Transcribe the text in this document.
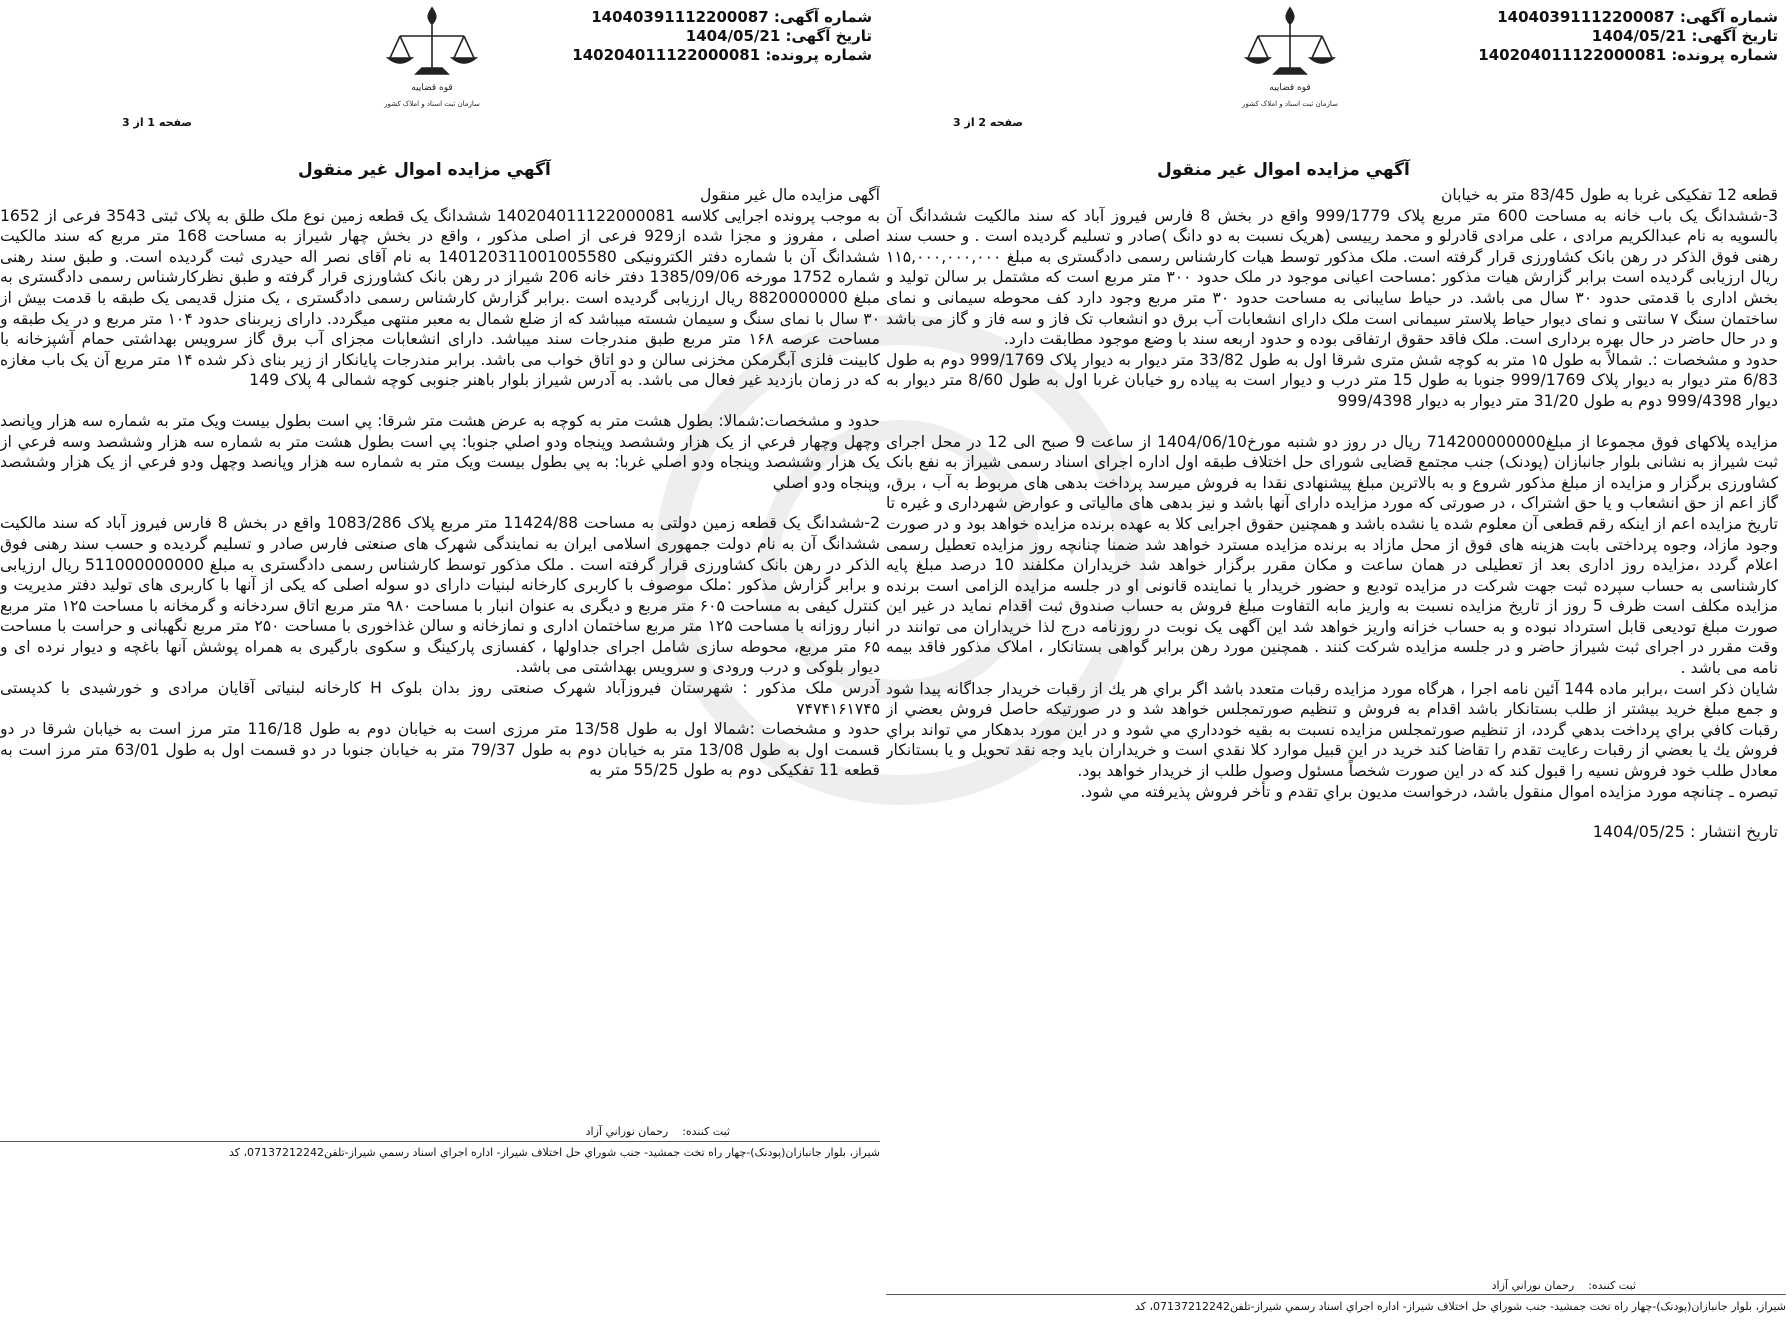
شماره آگهی: 14040391112200087
تاریخ آگهی: 1404/05/21
شماره پرونده: 140204011122000081
صفحه 1 از 3
آگهي مزايده اموال غير منقول

آگهی مزایده مال غیر منقول

به موجب پرونده اجرایی کلاسه 140204011122000081 ششدانگ یک قطعه زمین نوع ملک طلق به پلاک ثبتی 3543 فرعی از 1652 اصلی ، مفروز و مجزا شده از929 فرعی از اصلی مذکور ، واقع در بخش چهار شیراز به مساحت 168 متر مربع که سند مالکیت ششدانگ آن با شماره دفتر الکترونیکی 140120311001005580 به نام آقای نصر اله حیدری ثبت گردیده است. و طبق سند رهنی شماره 1752 مورخه 1385/09/06 دفتر خانه 206 شیراز در رهن بانک کشاورزی قرار گرفته و طبق نظرکارشناس رسمی دادگستری به مبلغ 8820000000 ریال ارزیابی گردیده است .برابر گزارش کارشناس رسمی دادگستری ، یک منزل قدیمی یک طبقه با قدمت بیش از ۳۰ سال با نمای سنگ و سیمان شسته میباشد که از ضلع شمال به معبر منتهی میگردد. دارای زیربنای حدود ۱۰۴ متر مربع و در یک طبقه و مساحت عرصه ۱۶۸ متر مربع طبق مندرجات سند میباشد. دارای انشعابات مجزای آب برق گاز سرویس بهداشتی حمام آشپزخانه با کابینت فلزی آبگرمکن مخزنی سالن و دو اتاق خواب می باشد. برابر مندرجات پایانکار از زیر بنای ذکر شده ۱۴ متر مربع آن یک باب مغازه که در زمان بازدید غیر فعال می باشد. به آدرس شیراز بلوار باهنر جنوبی کوچه شمالی 4 پلاک 149

حدود و مشخصات:شمالا: بطول هشت متر به کوچه به عرض هشت متر شرقا: پي است بطول بيست ويک متر به شماره سه هزار وپانصد وچهل وچهار فرعي از يک هزار وششصد وپنجاه ودو اصلي جنوبا: پي است بطول هشت متر به شماره سه هزار وششصد وسه فرعي از يک هزار وششصد وپنجاه ودو اصلي غربا: به پي بطول بيست ويک متر به شماره سه هزار وپانصد وچهل ودو فرعي از يک هزار وششصد وپنجاه ودو اصلي

2-ششدانگ یک قطعه زمین دولتی به مساحت 11424/88 متر مربع پلاک 1083/286 واقع در بخش 8 فارس فیروز آباد که سند مالکیت ششدانگ آن به نام دولت جمهوری اسلامی ایران به نمایندگی شهرک های صنعتی فارس صادر و تسلیم گردیده و حسب سند رهنی فوق الذکر در رهن بانک کشاورزی قرار گرفته است . ملک مذکور توسط کارشناس رسمی دادگستری به مبلغ 511000000000 ریال ارزیابی و برابر گزارش مذکور :ملک موصوف با کاربری کارخانه لبنیات دارای دو سوله اصلی که یکی از آنها با کاربری های تولید دفتر مدیریت و کنترل کیفی به مساحت ۶۰۵ متر مربع و دیگری به عنوان انبار با مساحت ۹۸۰ متر مربع اتاق سردخانه و گرمخانه با مساحت ۱۲۵ متر مربع انبار روزانه با مساحت ۱۲۵ متر مربع ساختمان اداری و نمازخانه و سالن غذاخوری با مساحت ۲۵۰ متر مربع نگهبانی و حراست با مساحت ۶۵ متر مربع، محوطه سازی شامل اجرای جداولها ، کفسازی پارکینگ و سکوی بارگیری به همراه پوشش آنها باغچه و دیوار نرده ای و دیوار بلوکی و درب ورودی و سرویس بهداشتی می باشد.

آدرس ملک مذکور : شهرستان فیروزآباد شهرک صنعتی روز بدان بلوک H کارخانه لبنیاتی آقایان مرادی و خورشیدی با کدپستی ۷۴۷۴۱۶۱۷۴۵

حدود و مشخصات :شمالا اول به طول 13/58 متر مرزی است به خیابان دوم به طول 116/18 متر مرز است به خیابان شرقا در دو قسمت اول به طول 13/08 متر به خیابان دوم به طول 79/37 متر به خیابان جنوبا در دو قسمت اول به طول 63/01 متر مرز است به قطعه 11 تفکیکی دوم به طول 55/25 متر به

ثبت کننده:    رحمان نوراني آزاد
شيراز، بلوار جانبازان(پودنک)-چهار راه تخت جمشيد- جنب شوراي حل اختلاف شيراز- اداره اجراي اسناد رسمي شيراز-تلفن07137212242، کد
شماره آگهی: 14040391112200087
تاریخ آگهی: 1404/05/21
شماره پرونده: 140204011122000081
صفحه 2 از 3
آگهي مزايده اموال غير منقول

قطعه 12 تفکیکی غربا به طول 83/45 متر به خیابان

3-ششدانگ یک باب خانه به مساحت 600 متر مربع پلاک 999/1779 واقع در بخش 8 فارس فیروز آباد که سند مالکیت ششدانگ آن بالسویه به نام عبدالکریم مرادی ، علی مرادی قادرلو و محمد رییسی (هریک نسبت به دو دانگ )صادر و تسلیم گردیده است . و حسب سند رهنی فوق الذکر در رهن بانک کشاورزی قرار گرفته است. ملک مذکور توسط هیات کارشناس رسمی دادگستری به مبلغ ۱۱۵,۰۰۰,۰۰۰,۰۰۰ ریال ارزیابی گردیده است برابر گزارش هیات مذکور :مساحت اعیانی موجود در ملک حدود ۳۰۰ متر مربع است که مشتمل بر سالن تولید و بخش اداری با قدمتی حدود ۳۰ سال می باشد. در حیاط سایبانی به مساحت حدود ۳۰ متر مربع وجود دارد کف محوطه سیمانی و نمای ساختمان سنگ ۷ سانتی و نمای دیوار حیاط پلاستر سیمانی است ملک دارای انشعابات آب برق دو انشعاب تک فاز و سه فاز و گاز می باشد و در حال حاضر در حال بهره برداری است. ملک فاقد حقوق ارتفاقی بوده و حدود اربعه سند با وضع موجود مطابقت دارد.

حدود و مشخصات :. شمالاً به طول ۱۵ متر به کوچه شش متری شرقا اول به طول 33/82 متر دیوار به دیوار پلاک 999/1769 دوم به طول 6/83 متر دیوار به دیوار پلاک 999/1769 جنوبا به طول 15 متر درب و دیوار است به پیاده رو خیابان غربا اول به طول 8/60 متر دیوار به دیوار 999/4398 دوم به طول 31/20 متر دیوار به دیوار 999/4398

مزایده پلاکهای فوق مجموعا از مبلغ714200000000 ریال در روز دو شنبه مورخ1404/06/10 از ساعت 9 صبح الی 12 در محل اجرای ثبت شیراز به نشانی بلوار جانبازان (پودنک) جنب مجتمع قضایی شورای حل اختلاف طبقه اول اداره اجرای اسناد رسمی شیراز به نفع بانک کشاورزی برگزار و مزایده از مبلغ مذکور شروع و به بالاترین مبلغ پیشنهادی نقدا به فروش میرسد پرداخت بدهی های مربوط به آب ، برق، گاز اعم از حق انشعاب و یا حق اشتراک ، در صورتی که مورد مزایده دارای آنها باشد و نیز بدهی های مالیاتی و عوارض شهرداری و غیره تا تاریخ مزایده اعم از اینکه رقم قطعی آن معلوم شده یا نشده باشد و همچنین حقوق اجرایی کلا به عهده برنده مزایده خواهد بود و در صورت وجود مازاد، وجوه پرداختی بابت هزینه های فوق از محل مازاد به برنده مزایده مسترد خواهد شد ضمنا چنانچه روز مزایده تعطیل رسمی اعلام گردد ،مزایده روز اداری بعد از تعطیلی در همان ساعت و مکان مقرر برگزار خواهد شد خریداران مکلفند 10 درصد مبلغ پایه کارشناسی به حساب سپرده ثبت جهت شرکت در مزایده تودیع و حضور خریدار یا نماینده قانونی او در جلسه مزایده الزامی است برنده مزایده مکلف است ظرف 5 روز از تاریخ مزایده نسبت به واریز مابه التفاوت مبلغ فروش به حساب صندوق ثبت اقدام نماید در غیر این صورت مبلغ تودیعی قابل استرداد نبوده و به حساب خزانه واریز خواهد شد این آگهی یک نوبت در روزنامه درج لذا خریداران می توانند در وقت مقرر در اجرای ثبت شیراز حاضر و در جلسه مزایده شرکت کنند . همچنین مورد رهن برابر گواهی بستانکار ، املاک مذکور فاقد بیمه نامه می باشد .

شایان ذکر است ،برابر ماده 144 آئین نامه اجرا ، هرگاه مورد مزايده رقبات متعدد باشد اگر براي هر يك از رقبات خريدار جداگانه پيدا شود و جمع مبلغ خريد بيشتر از طلب بستانكار باشد اقدام به فروش و تنظيم صورتمجلس خواهد شد و در صورتيكه حاصل فروش بعضي از رقبات كافي براي پرداخت بدهي گردد، از تنظيم صورتمجلس مزايده نسبت به بقيه خودداري مي شود و در اين مورد بدهكار مي تواند براي فروش يك يا بعضي از رقبات رعايت تقدم را تقاضا كند خريد در اين قبيل موارد كلا نقدي است و خريداران بايد وجه نقد تحويل و يا بستانكار معادل طلب خود فروش نسيه را قبول كند كه در اين صورت شخصاً مسئول وصول طلب از خريدار خواهد بود.

تبصره ـ چنانچه مورد مزايده اموال منقول باشد، درخواست مديون براي تقدم و تأخر فروش پذيرفته مي شود.

تاریخ انتشار : 1404/05/25

ثبت کننده:    رحمان نوراني آزاد
شيراز، بلوار جانبازان(پودنک)-چهار راه تخت جمشيد- جنب شوراي حل اختلاف شيراز- اداره اجراي اسناد رسمي شيراز-تلفن07137212242، کد
قوه قضاییه
سازمان ثبت اسناد و املاک کشور
قوه قضاییه
سازمان ثبت اسناد و املاک کشور
